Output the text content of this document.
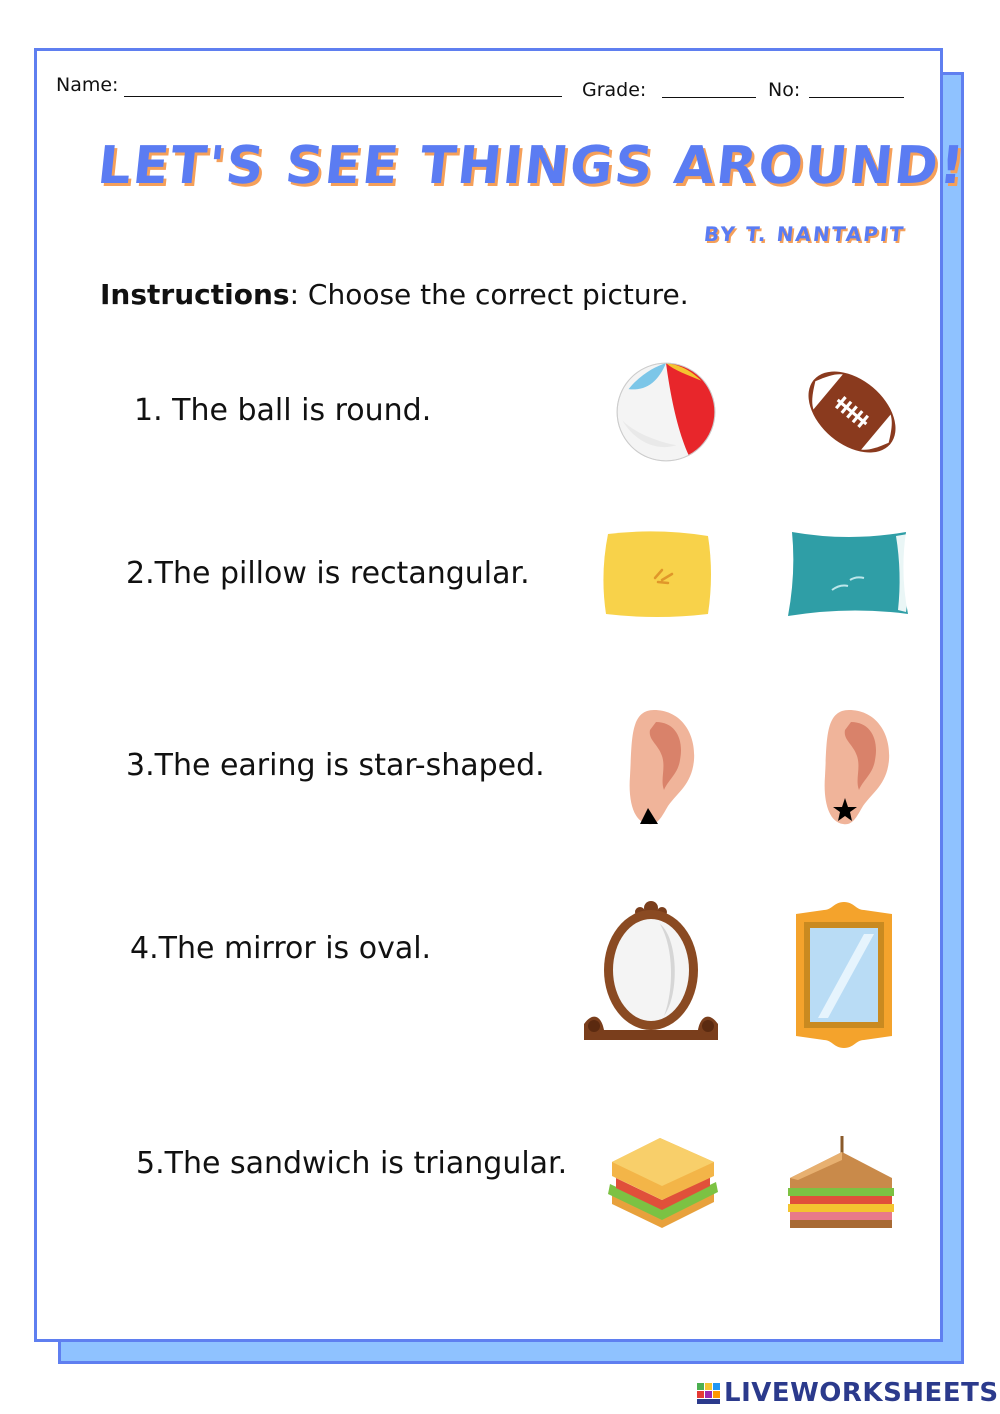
Name:	Grade:	No:
LET'S SEE THINGS AROUND!
BY T. NANTAPIT
Instructions: Choose the correct picture.
1. The ball is round.
2.The pillow is rectangular.
3.The earing is star-shaped.
4.The mirror is oval.
5.The sandwich is triangular.
LIVEWORKSHEETS
